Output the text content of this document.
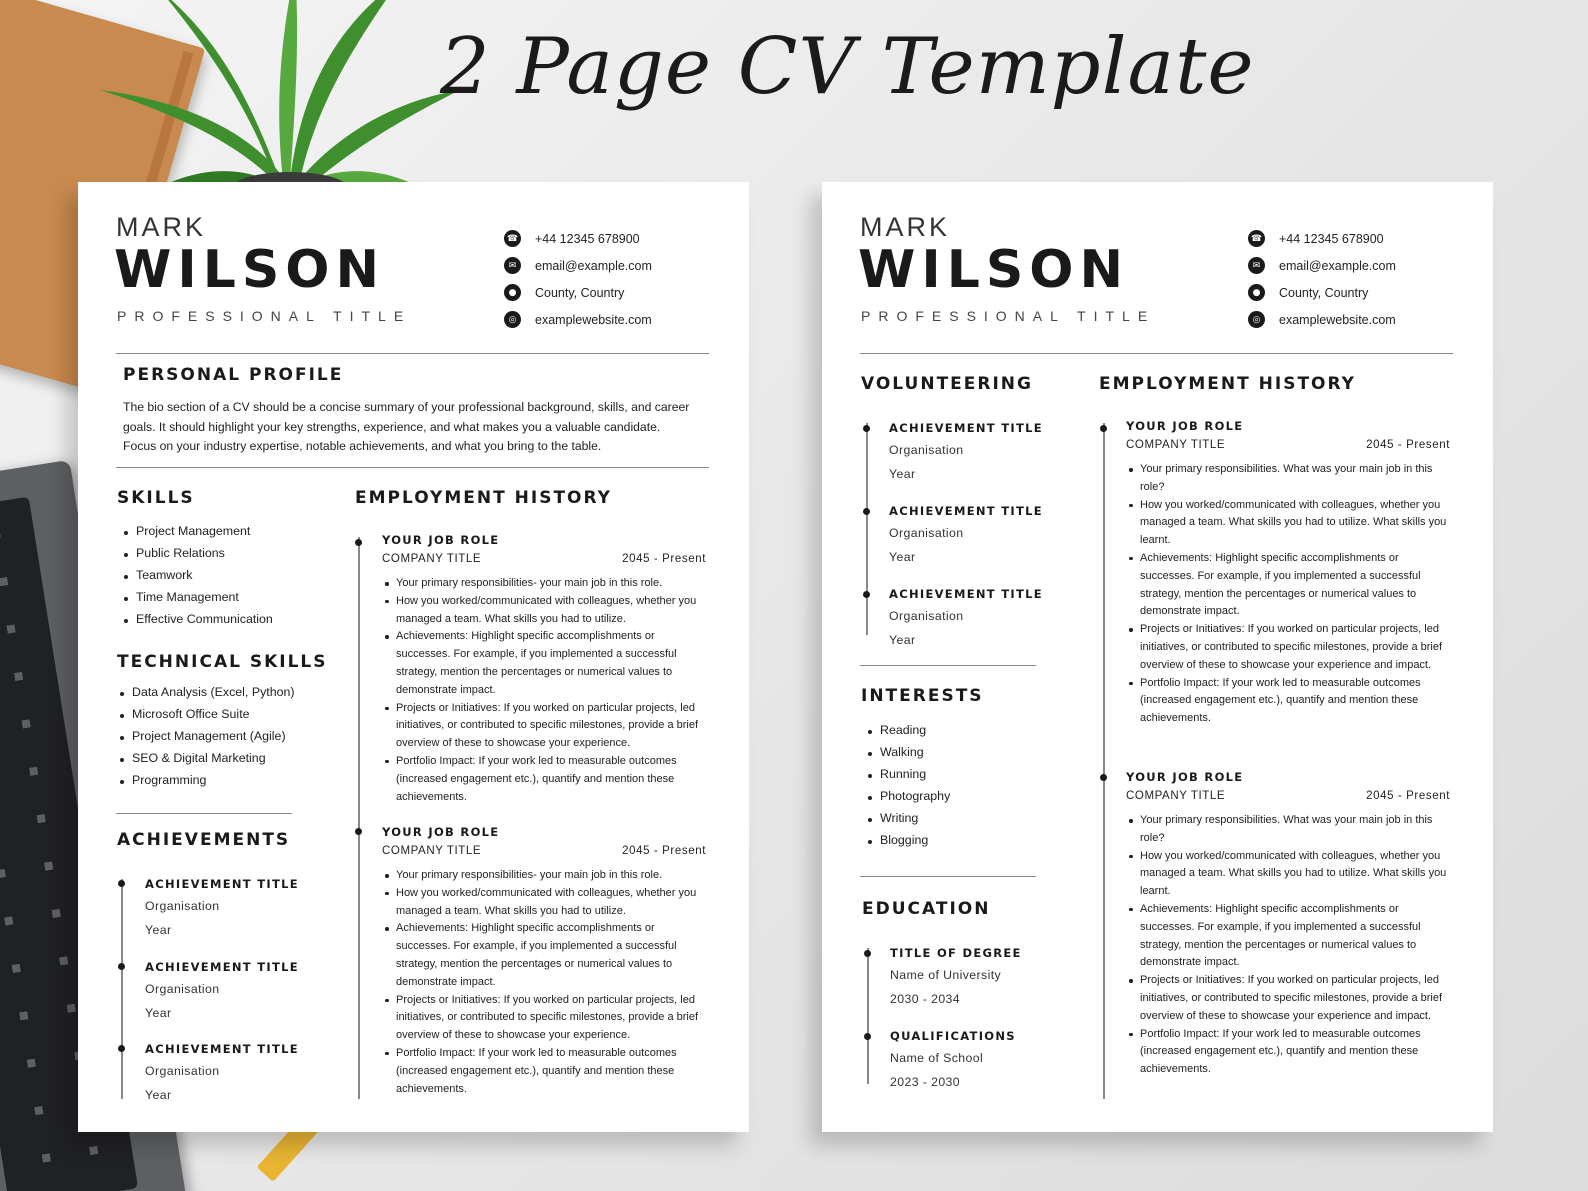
2 Page CV Template
MARK
WILSON
PROFESSIONAL TITLE
☎ +44 12345 678900
✉	email@example.com
●	County, Country
◎	examplewebsite.com
PERSONAL PROFILE
The bio section of a CV should be a concise summary of your professional background, skills, and career goals. It should highlight your key strengths, experience, and what makes you a valuable candidate. Focus on your industry expertise, notable achievements, and what you bring to the table.
SKILLS
Project Management
Public Relations
Teamwork
Time Management
Effective Communication
TECHNICAL SKILLS
Data Analysis (Excel, Python)
Microsoft Office Suite
Project Management (Agile)
SEO & Digital Marketing
Programming
ACHIEVEMENTS
ACHIEVEMENT TITLE
Organisation
Year
ACHIEVEMENT TITLE
Organisation
Year
ACHIEVEMENT TITLE
Organisation
Year
EMPLOYMENT HISTORY
YOUR JOB ROLE
COMPANY TITLE	2045 - Present
Your primary responsibilities- your main job in this role.
How you worked/communicated with colleagues, whether you managed a team. What skills you had to utilize.
Achievements: Highlight specific accomplishments or successes. For example, if you implemented a successful strategy, mention the percentages or numerical values to demonstrate impact.
Projects or Initiatives: If you worked on particular projects, led initiatives, or contributed to specific milestones, provide a brief overview of these to showcase your experience.
Portfolio Impact: If your work led to measurable outcomes (increased engagement etc.), quantify and mention these achievements.
YOUR JOB ROLE
COMPANY TITLE	2045 - Present
Your primary responsibilities- your main job in this role.
How you worked/communicated with colleagues, whether you managed a team. What skills you had to utilize.
Achievements: Highlight specific accomplishments or successes. For example, if you implemented a successful strategy, mention the percentages or numerical values to demonstrate impact.
Projects or Initiatives: If you worked on particular projects, led initiatives, or contributed to specific milestones, provide a brief overview of these to showcase your experience.
Portfolio Impact: If your work led to measurable outcomes (increased engagement etc.), quantify and mention these achievements.
MARK
WILSON
PROFESSIONAL TITLE
☎ +44 12345 678900
✉	email@example.com
●	County, Country
◎	examplewebsite.com
VOLUNTEERING
ACHIEVEMENT TITLE
Organisation
Year
ACHIEVEMENT TITLE
Organisation
Year
ACHIEVEMENT TITLE
Organisation
Year
INTERESTS
Reading
Walking
Running
Photography
Writing
Blogging
EDUCATION
TITLE OF DEGREE
Name of University
2030 - 2034
QUALIFICATIONS
Name of School
2023 - 2030
EMPLOYMENT HISTORY
YOUR JOB ROLE
COMPANY TITLE	2045 - Present
Your primary responsibilities. What was your main job in this role?
How you worked/communicated with colleagues, whether you managed a team. What skills you had to utilize. What skills you learnt.
Achievements: Highlight specific accomplishments or successes. For example, if you implemented a successful strategy, mention the percentages or numerical values to demonstrate impact.
Projects or Initiatives: If you worked on particular projects, led initiatives, or contributed to specific milestones, provide a brief overview of these to showcase your experience and impact.
Portfolio Impact: If your work led to measurable outcomes (increased engagement etc.), quantify and mention these achievements.
YOUR JOB ROLE
COMPANY TITLE	2045 - Present
Your primary responsibilities. What was your main job in this role?
How you worked/communicated with colleagues, whether you managed a team. What skills you had to utilize. What skills you learnt.
Achievements: Highlight specific accomplishments or successes. For example, if you implemented a successful strategy, mention the percentages or numerical values to demonstrate impact.
Projects or Initiatives: If you worked on particular projects, led initiatives, or contributed to specific milestones, provide a brief overview of these to showcase your experience and impact.
Portfolio Impact: If your work led to measurable outcomes (increased engagement etc.), quantify and mention these achievements.
